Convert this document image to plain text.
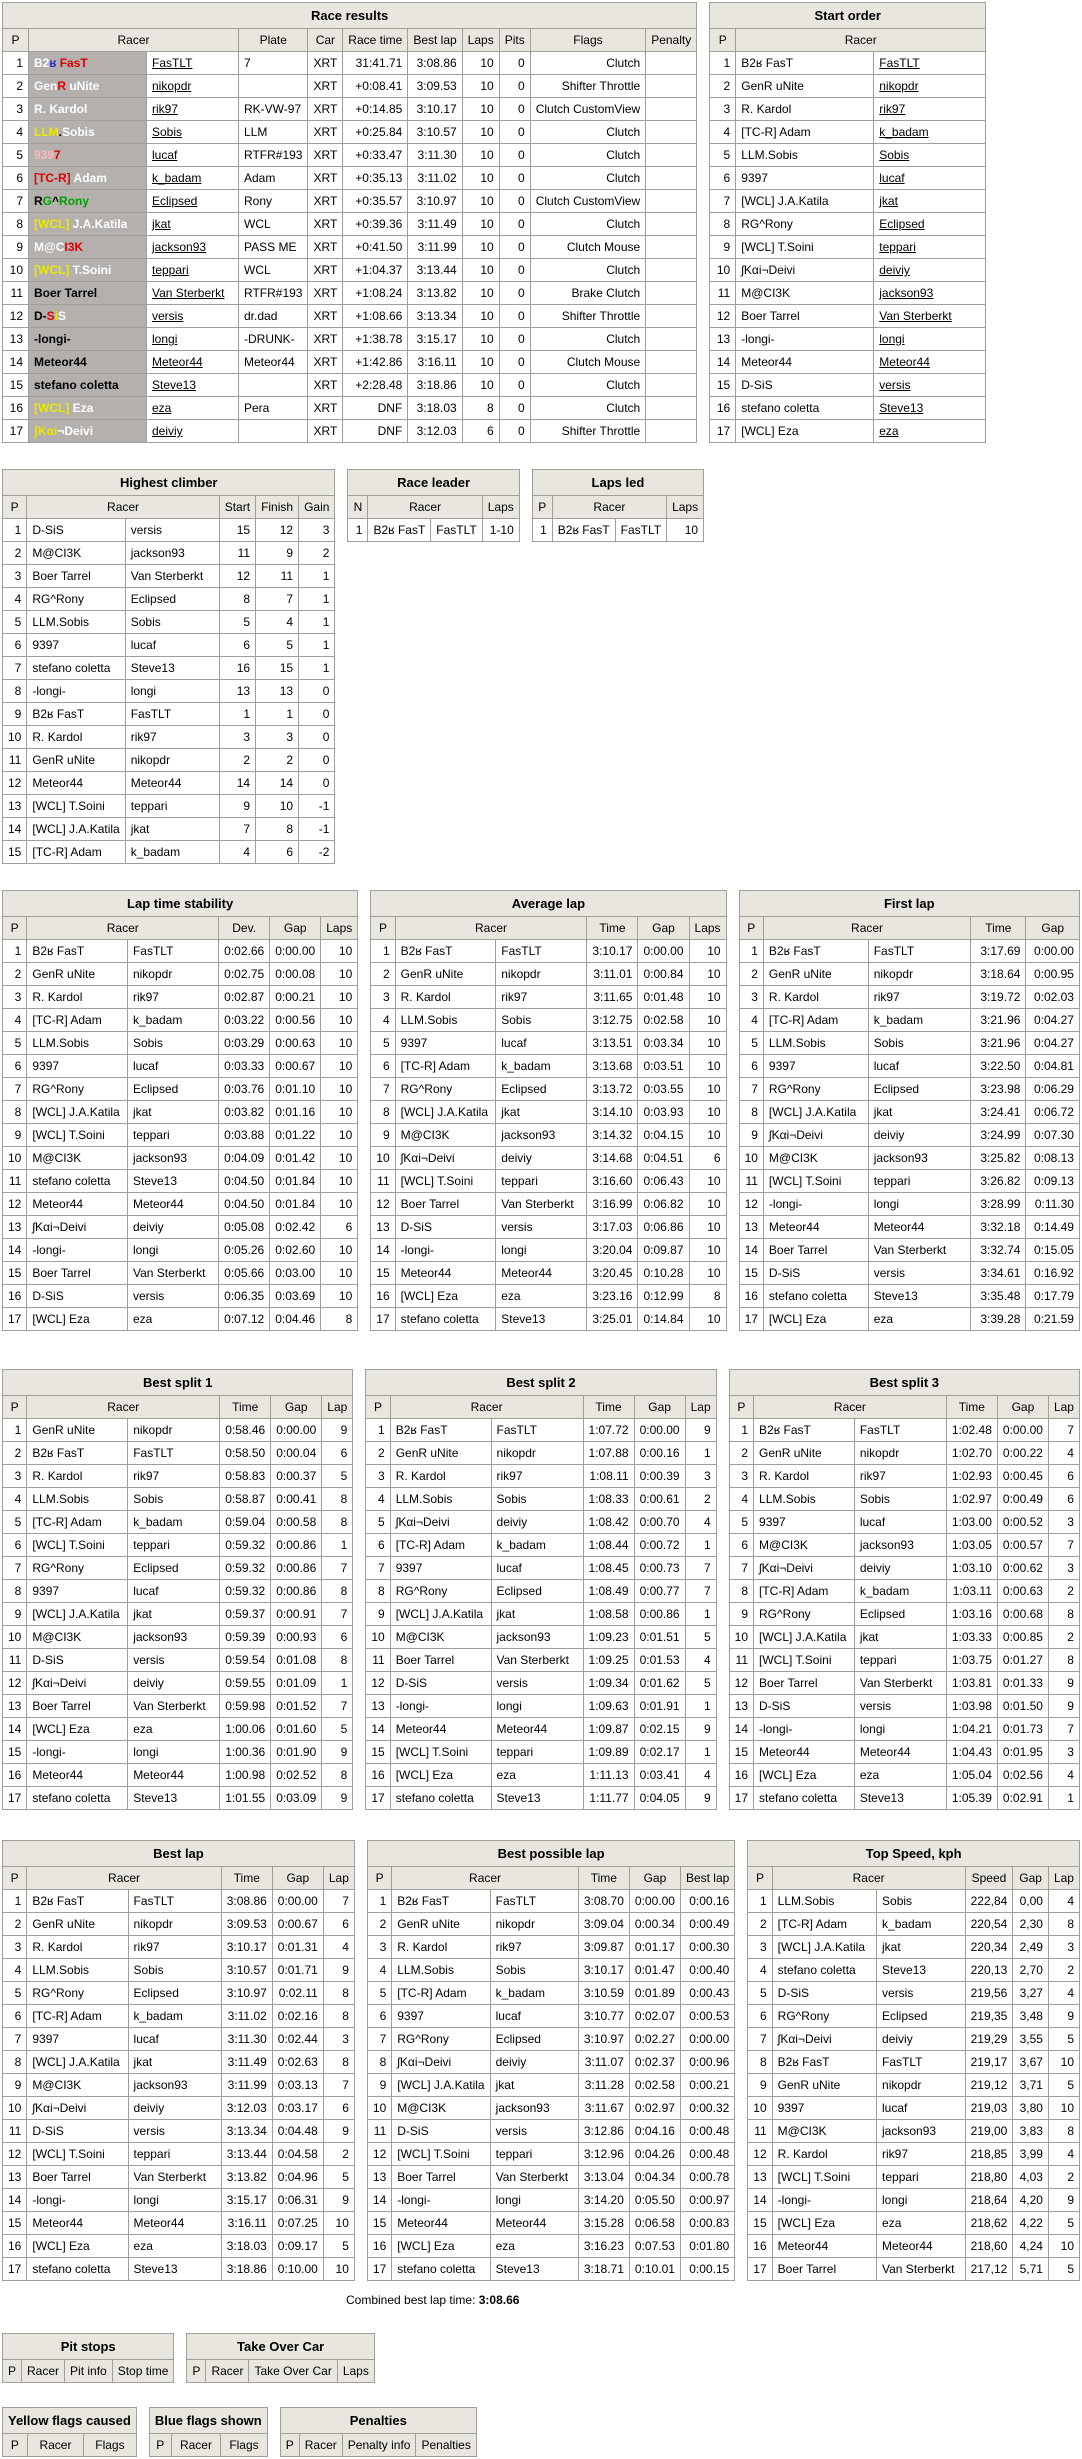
Race results										
P	Racer		Plate	Car	Race time	Best lap	Laps	Pits	Flags	Penalty
1	B2ʁ FasT	FasTLT	7	XRT	31:41.71	3:08.86	10	0	Clutch	
2	GenR uNite	nikopdr		XRT	+0:08.41	3:09.53	10	0	Shifter Throttle	
3	R. Kardol	rik97	RK-VW-97	XRT	+0:14.85	3:10.17	10	0	Clutch CustomView	
4	LLM.Sobis	Sobis	LLM	XRT	+0:25.84	3:10.57	10	0	Clutch	
5	9397	lucaf	RTFR#193	XRT	+0:33.47	3:11.30	10	0	Clutch	
6	[TC-R] Adam	k_badam	Adam	XRT	+0:35.13	3:11.02	10	0	Clutch	
7	RG^Rony	Eclipsed	Rony	XRT	+0:35.57	3:10.97	10	0	Clutch CustomView	
8	[WCL] J.A.Katila	jkat	WCL	XRT	+0:39.36	3:11.49	10	0	Clutch	
9	M@CI3K	jackson93	PASS ME	XRT	+0:41.50	3:11.99	10	0	Clutch Mouse	
10	[WCL] T.Soini	teppari	WCL	XRT	+1:04.37	3:13.44	10	0	Clutch	
11	Boer Tarrel	Van Sterberkt	RTFR#193	XRT	+1:08.24	3:13.82	10	0	Brake Clutch	
12	D-SiS	versis	dr.dad	XRT	+1:08.66	3:13.34	10	0	Shifter Throttle	
13	-longi-	longi	-DRUNK-	XRT	+1:38.78	3:15.17	10	0	Clutch	
14	Meteor44	Meteor44	Meteor44	XRT	+1:42.86	3:16.11	10	0	Clutch Mouse	
15	stefano coletta	Steve13		XRT	+2:28.48	3:18.86	10	0	Clutch	
16	[WCL] Eza	eza	Pera	XRT	DNF	3:18.03	8	0	Clutch	
17	ʃKαi¬Deivi	deiviy		XRT	DNF	3:12.03	6	0	Shifter Throttle	
Start order		
P	Racer	
1	B2ʁ FasT	FasTLT
2	GenR uNite	nikopdr
3	R. Kardol	rik97
4	[TC-R] Adam	k_badam
5	LLM.Sobis	Sobis
6	9397	lucaf
7	[WCL] J.A.Katila	jkat
8	RG^Rony	Eclipsed
9	[WCL] T.Soini	teppari
10	ʃKαi¬Deivi	deiviy
11	M@CI3K	jackson93
12	Boer Tarrel	Van Sterberkt
13	-longi-	longi
14	Meteor44	Meteor44
15	D-SiS	versis
16	stefano coletta	Steve13
17	[WCL] Eza	eza
Highest climber					
P	Racer		Start	Finish	Gain
1	D-SiS	versis	15	12	3
2	M@CI3K	jackson93	11	9	2
3	Boer Tarrel	Van Sterberkt	12	11	1
4	RG^Rony	Eclipsed	8	7	1
5	LLM.Sobis	Sobis	5	4	1
6	9397	lucaf	6	5	1
7	stefano coletta	Steve13	16	15	1
8	-longi-	longi	13	13	0
9	B2ʁ FasT	FasTLT	1	1	0
10	R. Kardol	rik97	3	3	0
11	GenR uNite	nikopdr	2	2	0
12	Meteor44	Meteor44	14	14	0
13	[WCL] T.Soini	teppari	9	10	-1
14	[WCL] J.A.Katila	jkat	7	8	-1
15	[TC-R] Adam	k_badam	4	6	-2
Race leader			
N	Racer		Laps
1	B2ʁ FasT	FasTLT	1-10
Laps led			
P	Racer		Laps
1	B2ʁ FasT	FasTLT	10
Lap time stability					
P	Racer		Dev.	Gap	Laps
1	B2ʁ FasT	FasTLT	0:02.66	0:00.00	10
2	GenR uNite	nikopdr	0:02.75	0:00.08	10
3	R. Kardol	rik97	0:02.87	0:00.21	10
4	[TC-R] Adam	k_badam	0:03.22	0:00.56	10
5	LLM.Sobis	Sobis	0:03.29	0:00.63	10
6	9397	lucaf	0:03.33	0:00.67	10
7	RG^Rony	Eclipsed	0:03.76	0:01.10	10
8	[WCL] J.A.Katila	jkat	0:03.82	0:01.16	10
9	[WCL] T.Soini	teppari	0:03.88	0:01.22	10
10	M@CI3K	jackson93	0:04.09	0:01.42	10
11	stefano coletta	Steve13	0:04.50	0:01.84	10
12	Meteor44	Meteor44	0:04.50	0:01.84	10
13	ʃKαi¬Deivi	deiviy	0:05.08	0:02.42	6
14	-longi-	longi	0:05.26	0:02.60	10
15	Boer Tarrel	Van Sterberkt	0:05.66	0:03.00	10
16	D-SiS	versis	0:06.35	0:03.69	10
17	[WCL] Eza	eza	0:07.12	0:04.46	8
Average lap					
P	Racer		Time	Gap	Laps
1	B2ʁ FasT	FasTLT	3:10.17	0:00.00	10
2	GenR uNite	nikopdr	3:11.01	0:00.84	10
3	R. Kardol	rik97	3:11.65	0:01.48	10
4	LLM.Sobis	Sobis	3:12.75	0:02.58	10
5	9397	lucaf	3:13.51	0:03.34	10
6	[TC-R] Adam	k_badam	3:13.68	0:03.51	10
7	RG^Rony	Eclipsed	3:13.72	0:03.55	10
8	[WCL] J.A.Katila	jkat	3:14.10	0:03.93	10
9	M@CI3K	jackson93	3:14.32	0:04.15	10
10	ʃKαi¬Deivi	deiviy	3:14.68	0:04.51	6
11	[WCL] T.Soini	teppari	3:16.60	0:06.43	10
12	Boer Tarrel	Van Sterberkt	3:16.99	0:06.82	10
13	D-SiS	versis	3:17.03	0:06.86	10
14	-longi-	longi	3:20.04	0:09.87	10
15	Meteor44	Meteor44	3:20.45	0:10.28	10
16	[WCL] Eza	eza	3:23.16	0:12.99	8
17	stefano coletta	Steve13	3:25.01	0:14.84	10
First lap				
P	Racer		Time	Gap
1	B2ʁ FasT	FasTLT	3:17.69	0:00.00
2	GenR uNite	nikopdr	3:18.64	0:00.95
3	R. Kardol	rik97	3:19.72	0:02.03
4	[TC-R] Adam	k_badam	3:21.96	0:04.27
5	LLM.Sobis	Sobis	3:21.96	0:04.27
6	9397	lucaf	3:22.50	0:04.81
7	RG^Rony	Eclipsed	3:23.98	0:06.29
8	[WCL] J.A.Katila	jkat	3:24.41	0:06.72
9	ʃKαi¬Deivi	deiviy	3:24.99	0:07.30
10	M@CI3K	jackson93	3:25.82	0:08.13
11	[WCL] T.Soini	teppari	3:26.82	0:09.13
12	-longi-	longi	3:28.99	0:11.30
13	Meteor44	Meteor44	3:32.18	0:14.49
14	Boer Tarrel	Van Sterberkt	3:32.74	0:15.05
15	D-SiS	versis	3:34.61	0:16.92
16	stefano coletta	Steve13	3:35.48	0:17.79
17	[WCL] Eza	eza	3:39.28	0:21.59
Best split 1					
P	Racer		Time	Gap	Lap
1	GenR uNite	nikopdr	0:58.46	0:00.00	9
2	B2ʁ FasT	FasTLT	0:58.50	0:00.04	6
3	R. Kardol	rik97	0:58.83	0:00.37	5
4	LLM.Sobis	Sobis	0:58.87	0:00.41	8
5	[TC-R] Adam	k_badam	0:59.04	0:00.58	8
6	[WCL] T.Soini	teppari	0:59.32	0:00.86	1
7	RG^Rony	Eclipsed	0:59.32	0:00.86	7
8	9397	lucaf	0:59.32	0:00.86	8
9	[WCL] J.A.Katila	jkat	0:59.37	0:00.91	7
10	M@CI3K	jackson93	0:59.39	0:00.93	6
11	D-SiS	versis	0:59.54	0:01.08	8
12	ʃKαi¬Deivi	deiviy	0:59.55	0:01.09	1
13	Boer Tarrel	Van Sterberkt	0:59.98	0:01.52	7
14	[WCL] Eza	eza	1:00.06	0:01.60	5
15	-longi-	longi	1:00.36	0:01.90	9
16	Meteor44	Meteor44	1:00.98	0:02.52	8
17	stefano coletta	Steve13	1:01.55	0:03.09	9
Best split 2					
P	Racer		Time	Gap	Lap
1	B2ʁ FasT	FasTLT	1:07.72	0:00.00	9
2	GenR uNite	nikopdr	1:07.88	0:00.16	1
3	R. Kardol	rik97	1:08.11	0:00.39	3
4	LLM.Sobis	Sobis	1:08.33	0:00.61	2
5	ʃKαi¬Deivi	deiviy	1:08.42	0:00.70	4
6	[TC-R] Adam	k_badam	1:08.44	0:00.72	1
7	9397	lucaf	1:08.45	0:00.73	7
8	RG^Rony	Eclipsed	1:08.49	0:00.77	7
9	[WCL] J.A.Katila	jkat	1:08.58	0:00.86	1
10	M@CI3K	jackson93	1:09.23	0:01.51	5
11	Boer Tarrel	Van Sterberkt	1:09.25	0:01.53	4
12	D-SiS	versis	1:09.34	0:01.62	5
13	-longi-	longi	1:09.63	0:01.91	1
14	Meteor44	Meteor44	1:09.87	0:02.15	9
15	[WCL] T.Soini	teppari	1:09.89	0:02.17	1
16	[WCL] Eza	eza	1:11.13	0:03.41	4
17	stefano coletta	Steve13	1:11.77	0:04.05	9
Best split 3					
P	Racer		Time	Gap	Lap
1	B2ʁ FasT	FasTLT	1:02.48	0:00.00	7
2	GenR uNite	nikopdr	1:02.70	0:00.22	4
3	R. Kardol	rik97	1:02.93	0:00.45	6
4	LLM.Sobis	Sobis	1:02.97	0:00.49	6
5	9397	lucaf	1:03.00	0:00.52	3
6	M@CI3K	jackson93	1:03.05	0:00.57	7
7	ʃKαi¬Deivi	deiviy	1:03.10	0:00.62	3
8	[TC-R] Adam	k_badam	1:03.11	0:00.63	2
9	RG^Rony	Eclipsed	1:03.16	0:00.68	8
10	[WCL] J.A.Katila	jkat	1:03.33	0:00.85	2
11	[WCL] T.Soini	teppari	1:03.75	0:01.27	8
12	Boer Tarrel	Van Sterberkt	1:03.81	0:01.33	9
13	D-SiS	versis	1:03.98	0:01.50	9
14	-longi-	longi	1:04.21	0:01.73	7
15	Meteor44	Meteor44	1:04.43	0:01.95	3
16	[WCL] Eza	eza	1:05.04	0:02.56	4
17	stefano coletta	Steve13	1:05.39	0:02.91	1
Best lap					
P	Racer		Time	Gap	Lap
1	B2ʁ FasT	FasTLT	3:08.86	0:00.00	7
2	GenR uNite	nikopdr	3:09.53	0:00.67	6
3	R. Kardol	rik97	3:10.17	0:01.31	4
4	LLM.Sobis	Sobis	3:10.57	0:01.71	9
5	RG^Rony	Eclipsed	3:10.97	0:02.11	8
6	[TC-R] Adam	k_badam	3:11.02	0:02.16	8
7	9397	lucaf	3:11.30	0:02.44	3
8	[WCL] J.A.Katila	jkat	3:11.49	0:02.63	8
9	M@CI3K	jackson93	3:11.99	0:03.13	7
10	ʃKαi¬Deivi	deiviy	3:12.03	0:03.17	6
11	D-SiS	versis	3:13.34	0:04.48	9
12	[WCL] T.Soini	teppari	3:13.44	0:04.58	2
13	Boer Tarrel	Van Sterberkt	3:13.82	0:04.96	5
14	-longi-	longi	3:15.17	0:06.31	9
15	Meteor44	Meteor44	3:16.11	0:07.25	10
16	[WCL] Eza	eza	3:18.03	0:09.17	5
17	stefano coletta	Steve13	3:18.86	0:10.00	10
Best possible lap					
P	Racer		Time	Gap	Best lap
1	B2ʁ FasT	FasTLT	3:08.70	0:00.00	0:00.16
2	GenR uNite	nikopdr	3:09.04	0:00.34	0:00.49
3	R. Kardol	rik97	3:09.87	0:01.17	0:00.30
4	LLM.Sobis	Sobis	3:10.17	0:01.47	0:00.40
5	[TC-R] Adam	k_badam	3:10.59	0:01.89	0:00.43
6	9397	lucaf	3:10.77	0:02.07	0:00.53
7	RG^Rony	Eclipsed	3:10.97	0:02.27	0:00.00
8	ʃKαi¬Deivi	deiviy	3:11.07	0:02.37	0:00.96
9	[WCL] J.A.Katila	jkat	3:11.28	0:02.58	0:00.21
10	M@CI3K	jackson93	3:11.67	0:02.97	0:00.32
11	D-SiS	versis	3:12.86	0:04.16	0:00.48
12	[WCL] T.Soini	teppari	3:12.96	0:04.26	0:00.48
13	Boer Tarrel	Van Sterberkt	3:13.04	0:04.34	0:00.78
14	-longi-	longi	3:14.20	0:05.50	0:00.97
15	Meteor44	Meteor44	3:15.28	0:06.58	0:00.83
16	[WCL] Eza	eza	3:16.23	0:07.53	0:01.80
17	stefano coletta	Steve13	3:18.71	0:10.01	0:00.15
Top Speed, kph					
P	Racer		Speed	Gap	Lap
1	LLM.Sobis	Sobis	222,84	0,00	4
2	[TC-R] Adam	k_badam	220,54	2,30	8
3	[WCL] J.A.Katila	jkat	220,34	2,49	3
4	stefano coletta	Steve13	220,13	2,70	2
5	D-SiS	versis	219,56	3,27	4
6	RG^Rony	Eclipsed	219,35	3,48	9
7	ʃKαi¬Deivi	deiviy	219,29	3,55	5
8	B2ʁ FasT	FasTLT	219,17	3,67	10
9	GenR uNite	nikopdr	219,12	3,71	5
10	9397	lucaf	219,03	3,80	10
11	M@CI3K	jackson93	219,00	3,83	8
12	R. Kardol	rik97	218,85	3,99	4
13	[WCL] T.Soini	teppari	218,80	4,03	2
14	-longi-	longi	218,64	4,20	9
15	[WCL] Eza	eza	218,62	4,22	5
16	Meteor44	Meteor44	218,60	4,24	10
17	Boer Tarrel	Van Sterberkt	217,12	5,71	5
Combined best lap time: 3:08.66
Pit stops
P	Racer	Pit info	Stop time
Take Over Car
P	Racer	Take Over Car	Laps
Yellow flags caused
P	Racer	Flags
Blue flags shown
P	Racer	Flags
Penalties
P	Racer	Penalty info	Penalties
